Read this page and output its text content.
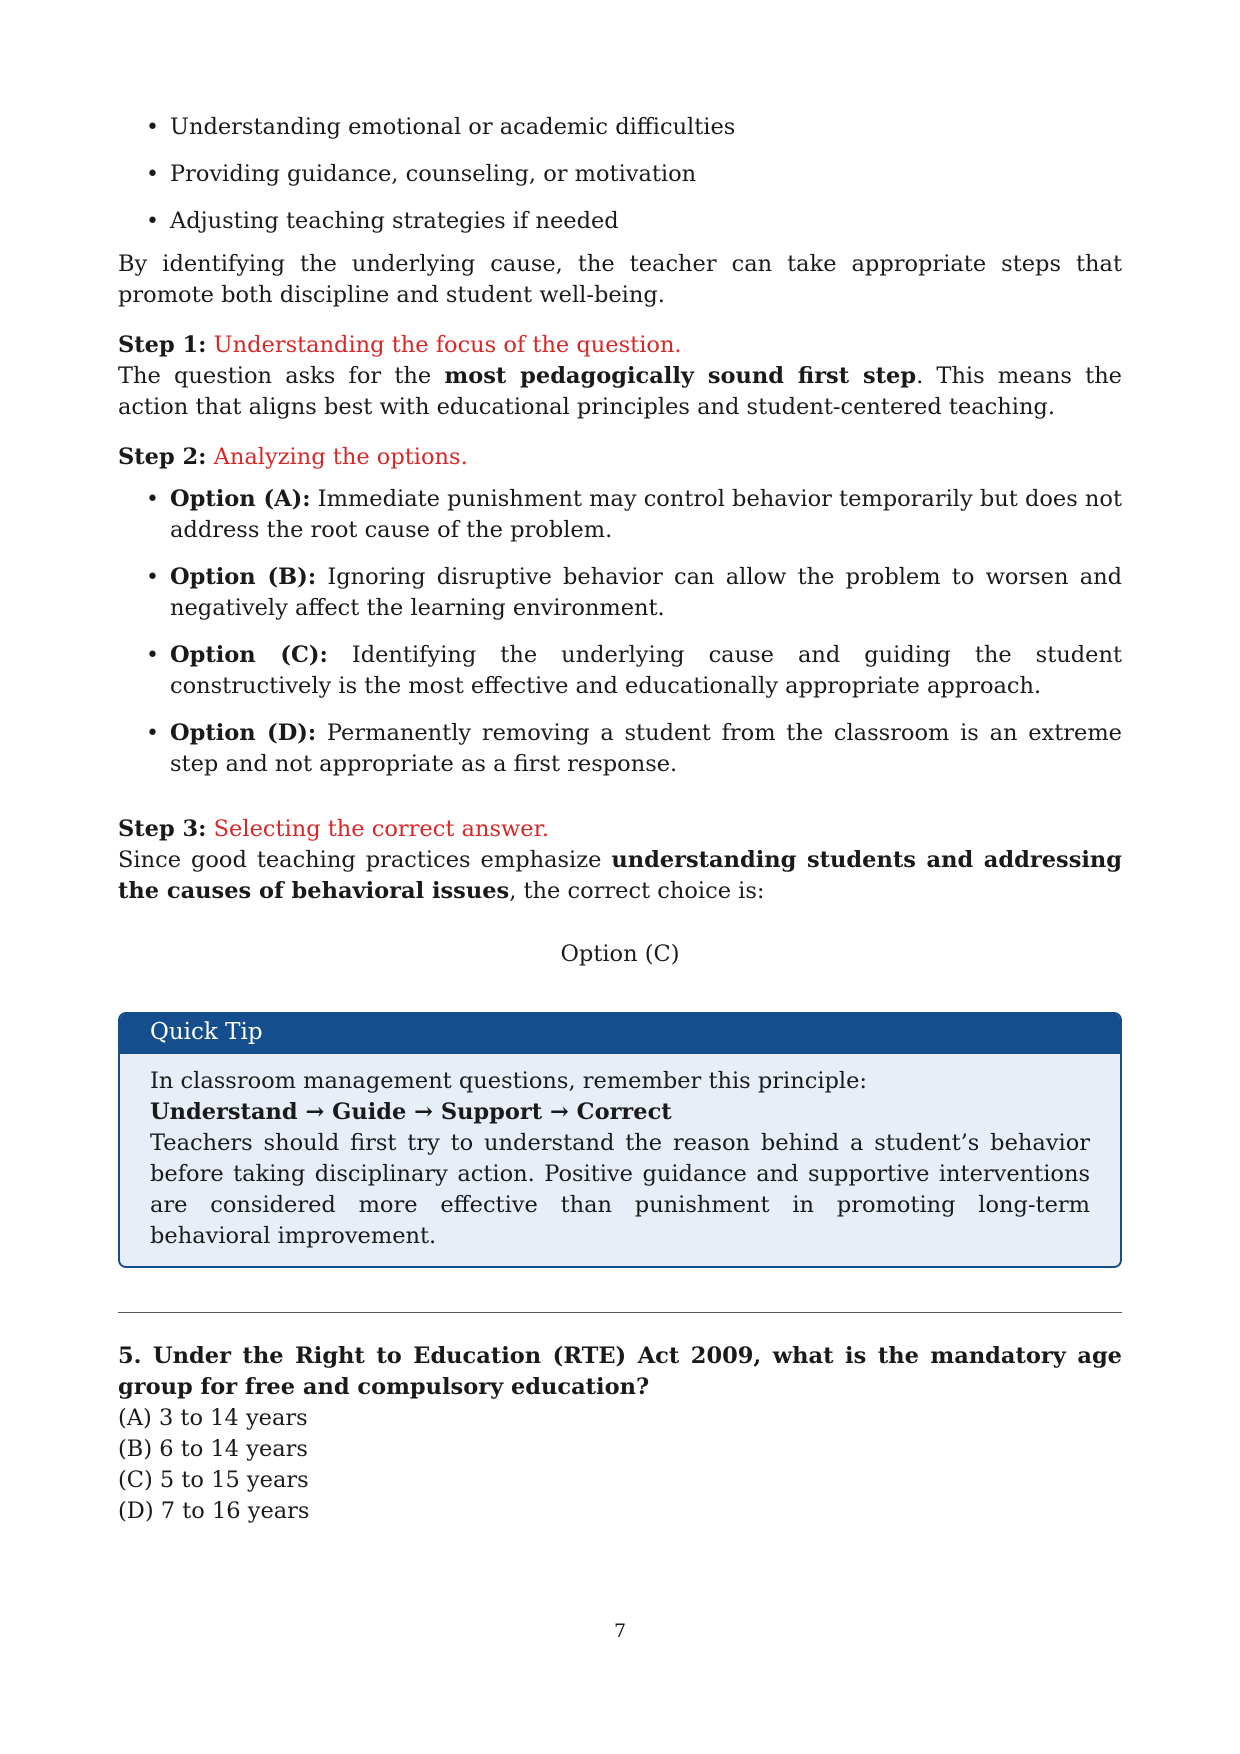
• Understanding emotional or academic difficulties
• Providing guidance, counseling, or motivation
• Adjusting teaching strategies if needed

By identifying the underlying cause, the teacher can take appropriate steps that promote both discipline and student well-being.

Step 1: Understanding the focus of the question.

The question asks for the most pedagogically sound first step. This means the action that aligns best with educational principles and student-centered teaching.

Step 2: Analyzing the options.

• Option (A): Immediate punishment may control behavior temporarily but does not address the root cause of the problem.
• Option (B): Ignoring disruptive behavior can allow the problem to worsen and negatively affect the learning environment.
• Option (C): Identifying the underlying cause and guiding the student constructively is the most effective and educationally appropriate approach.
• Option (D): Permanently removing a student from the classroom is an extreme step and not appropriate as a first response.

Step 3: Selecting the correct answer.

Since good teaching practices emphasize understanding students and addressing the causes of behavioral issues, the correct choice is:

Option (C)

Quick Tip

In classroom management questions, remember this principle:

Understand → Guide → Support → Correct

Teachers should first try to understand the reason behind a student’s behavior before taking disciplinary action. Positive guidance and supportive interventions are considered more effective than punishment in promoting long-term behavioral improvement.

5. Under the Right to Education (RTE) Act 2009, what is the mandatory age group for free and compulsory education?

(A) 3 to 14 years

(B) 6 to 14 years

(C) 5 to 15 years

(D) 7 to 16 years

7
